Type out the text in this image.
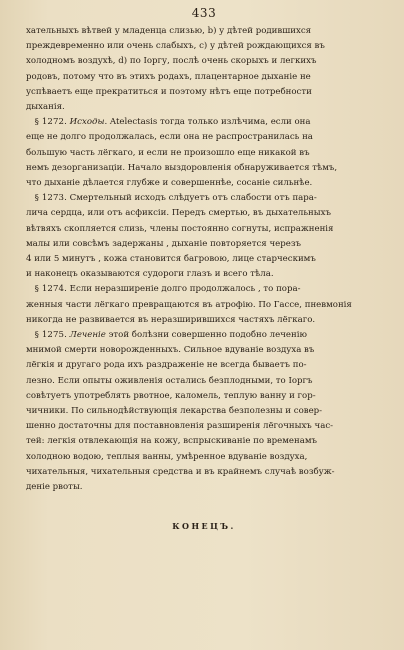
433

хательныхъ вѣтвей у младенца слизью, b) у дѣтей родившихся
преждевременно или очень слабыхъ, c) у дѣтей рождающихся въ
холодномъ воздухѣ, d) по Іоргу, послѣ очень скорыхъ и легкихъ
родовъ, потому что въ этихъ родахъ, плацентарное дыханіе не
успѣваетъ еще прекратиться и поэтому нѣтъ еще потребности
дыханія.

 § 1272. Исходы. Atelectasis тогда только излѣчима, если она
еще не долго продолжалась, если она не распространилась на
большую часть лёгкаго, и если не произошло еще никакой въ
немъ дезорганизаціи. Начало выздоровленія обнаруживается тѣмъ,
что дыханіе дѣлается глубже и совершеннѣе, сосаніе сильнѣе.

 § 1273. Смертельный исходъ слѣдуетъ отъ слабости отъ пара-
лича сердца, или отъ асфиксіи. Передъ смертью, въ дыхательныхъ
вѣтвяхъ скопляется слизь, члены постоянно согнуты, испражненія
малы или совсѣмъ задержаны , дыханіе повторяется черезъ
4 или 5 минутъ , кожа становится багровою, лице старческимъ
и наконецъ оказываются судороги глазъ и всего тѣла.

 § 1274. Если неразширеніе долго продолжалось , то пора-
женныя части лёгкаго превращаются въ атрофію. По Гассе, пневмонія
никогда не развивается въ неразширившихся частяхъ лёгкаго.

 § 1275. Леченіе этой болѣзни совершенно подобно леченію
мнимой смерти новорожденныхъ. Сильное вдуваніе воздуха въ
лёгкія и другаго рода ихъ раздраженіе не всегда бываетъ по-
лезно. Если опыты оживленія остались безплодными, то Іоргъ
совѣтуетъ употреблять рвотное, каломель, теплую ванну и гор-
чичники. По сильнодѣйствующія лекарства безполезны и совер-
шенно достаточны для поставновленія разширенія лёгочныхъ час-
тей: легкія отвлекающія на кожу, вспрыскиваніе по временамъ
холодною водою, теплыя ванны, умѣренное вдуваніе воздуха,
чихательныя, чихательныя средства и въ крайнемъ случаѣ возбуж-
деніе рвоты.

КОНЕЦЪ.
